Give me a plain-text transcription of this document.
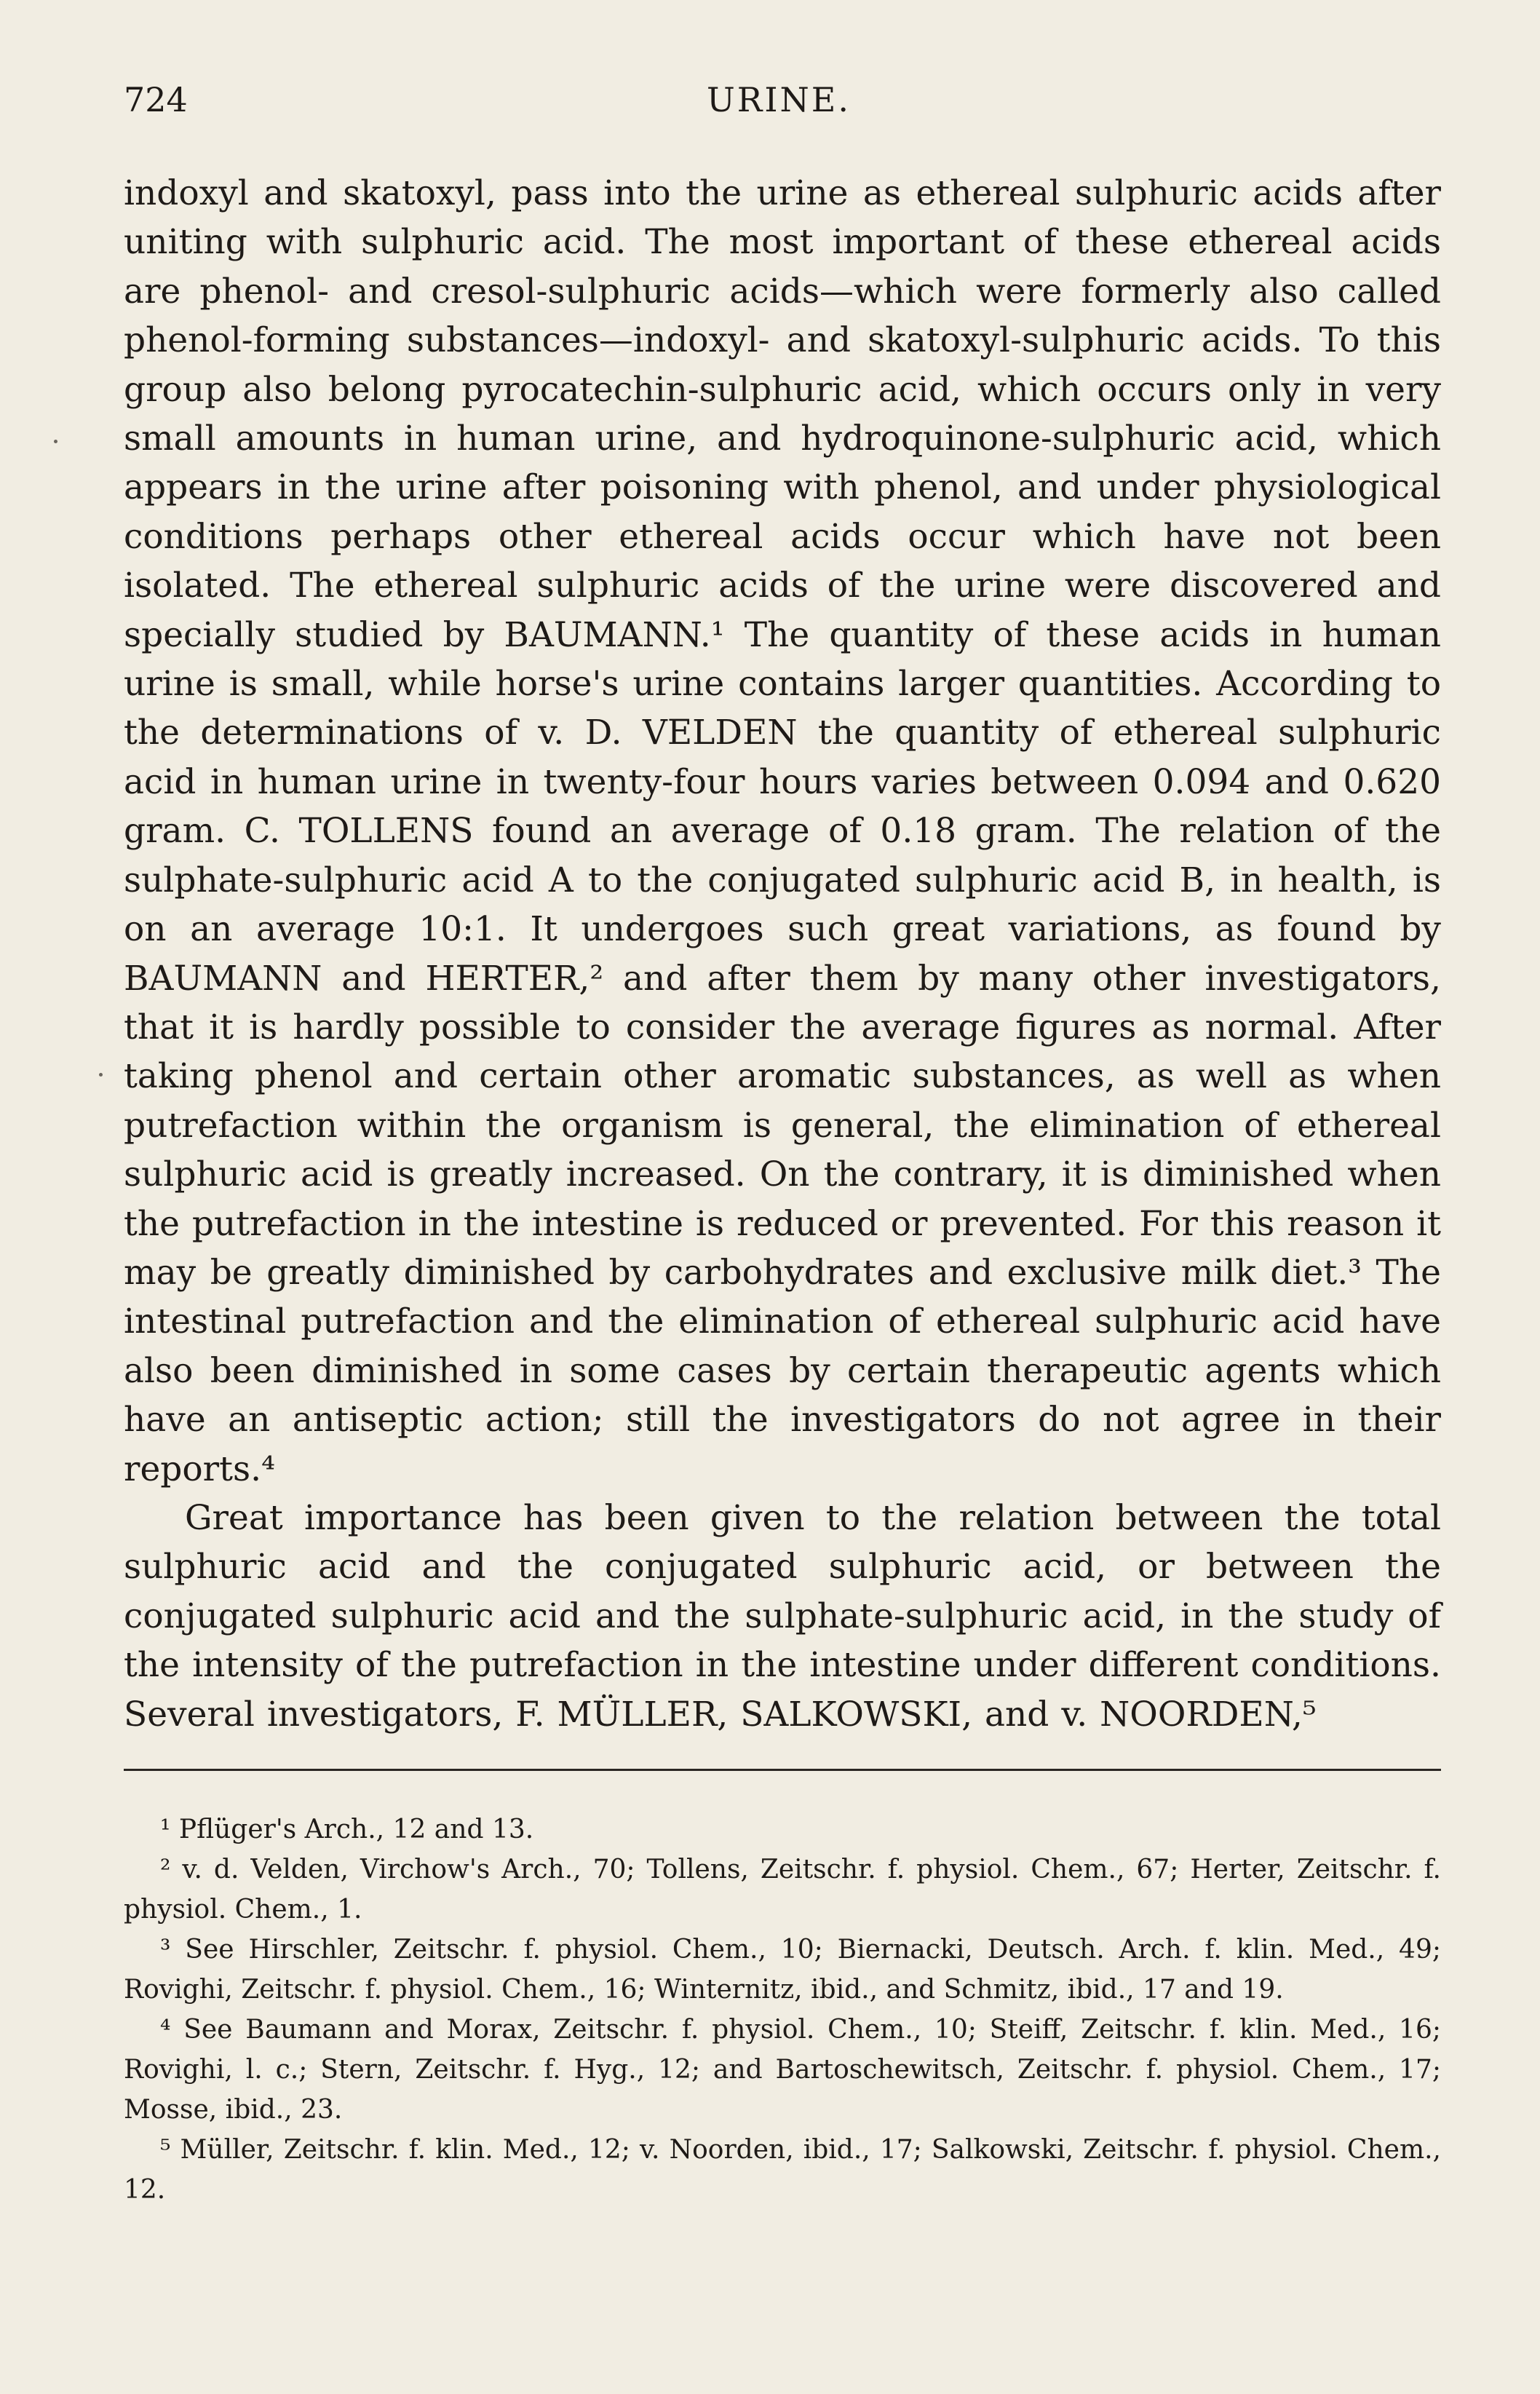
724	URINE.

indoxyl and skatoxyl, pass into the urine as ethereal sulphuric acids after uniting with sulphuric acid. The most important of these ethereal acids are phenol- and cresol-sulphuric acids—which were formerly also called phenol-forming substances—indoxyl- and skatoxyl-sulphuric acids. To this group also belong pyrocatechin-sulphuric acid, which occurs only in very small amounts in human urine, and hydroquinone-sulphuric acid, which appears in the urine after poisoning with phenol, and under physiological conditions perhaps other ethereal acids occur which have not been isolated. The ethereal sulphuric acids of the urine were discovered and specially studied by BAUMANN.¹ The quantity of these acids in human urine is small, while horse's urine contains larger quantities. According to the determinations of v. D. VELDEN the quantity of ethereal sulphuric acid in human urine in twenty-four hours varies between 0.094 and 0.620 gram. C. TOLLENS found an average of 0.18 gram. The relation of the sulphate-sulphuric acid A to the conjugated sulphuric acid B, in health, is on an average 10:1. It undergoes such great variations, as found by BAUMANN and HERTER,² and after them by many other investigators, that it is hardly possible to consider the average figures as normal. After taking phenol and certain other aromatic substances, as well as when putrefaction within the organism is general, the elimination of ethereal sulphuric acid is greatly increased. On the contrary, it is diminished when the putrefaction in the intestine is reduced or prevented. For this reason it may be greatly diminished by carbohydrates and exclusive milk diet.³ The intestinal putrefaction and the elimination of ethereal sulphuric acid have also been diminished in some cases by certain therapeutic agents which have an antiseptic action; still the investigators do not agree in their reports.⁴

Great importance has been given to the relation between the total sulphuric acid and the conjugated sulphuric acid, or between the conjugated sulphuric acid and the sulphate-sulphuric acid, in the study of the intensity of the putrefaction in the intestine under different conditions. Several investigators, F. MÜLLER, SALKOWSKI, and v. NOORDEN,⁵

¹ Pflüger's Arch., 12 and 13.

² v. d. Velden, Virchow's Arch., 70; Tollens, Zeitschr. f. physiol. Chem., 67; Herter, Zeitschr. f. physiol. Chem., 1.

³ See Hirschler, Zeitschr. f. physiol. Chem., 10; Biernacki, Deutsch. Arch. f. klin. Med., 49; Rovighi, Zeitschr. f. physiol. Chem., 16; Winternitz, ibid., and Schmitz, ibid., 17 and 19.

⁴ See Baumann and Morax, Zeitschr. f. physiol. Chem., 10; Steiff, Zeitschr. f. klin. Med., 16; Rovighi, l. c.; Stern, Zeitschr. f. Hyg., 12; and Bartoschewitsch, Zeitschr. f. physiol. Chem., 17; Mosse, ibid., 23.

⁵ Müller, Zeitschr. f. klin. Med., 12; v. Noorden, ibid., 17; Salkowski, Zeitschr. f. physiol. Chem., 12.
